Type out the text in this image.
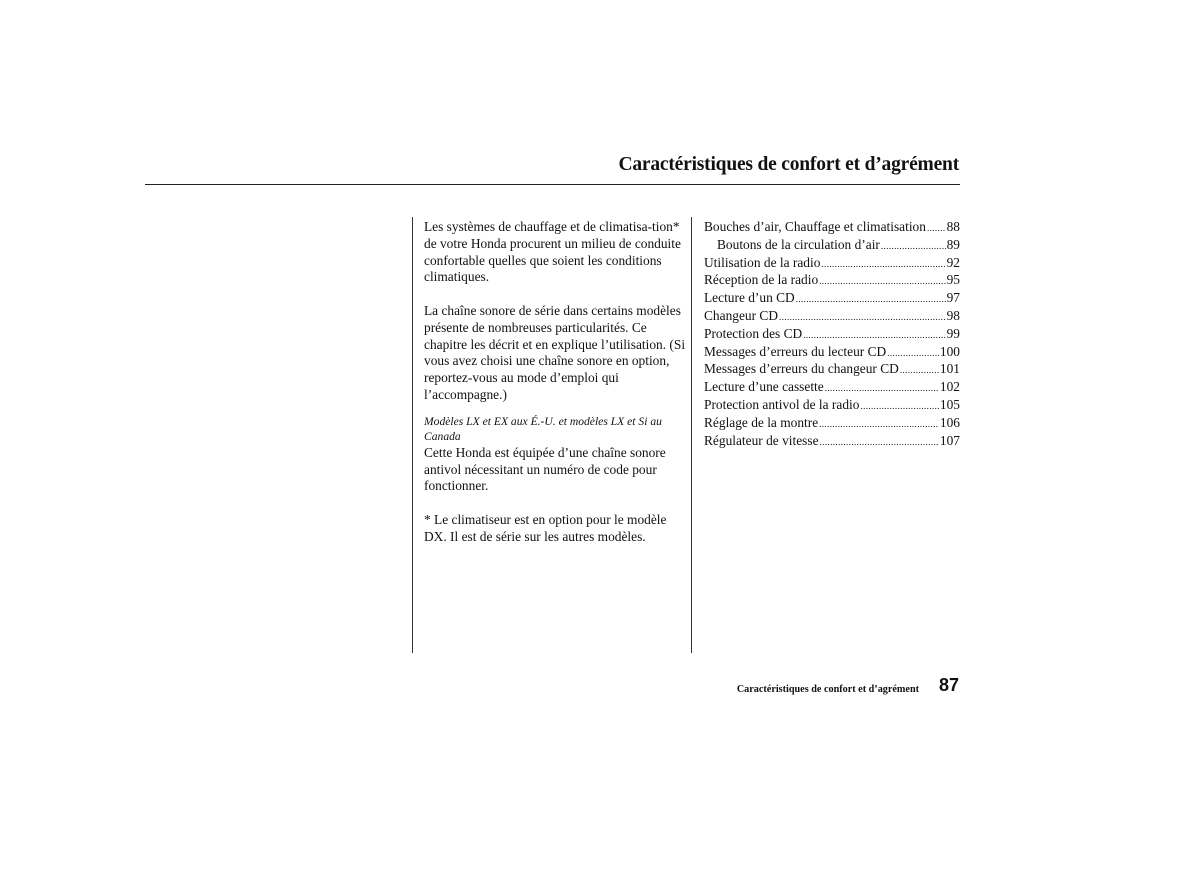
Caractéristiques de confort et d’agrément

Les systèmes de chauffage et de climatisa-tion* de votre Honda procurent un milieu de conduite confortable quelles que soient les conditions climatiques.

La chaîne sonore de série dans certains modèles présente de nombreuses particularités. Ce chapitre les décrit et en explique l’utilisation. (Si vous avez choisi une chaîne sonore en option, reportez-vous au mode d’emploi qui l’accompagne.)

Modèles LX et EX aux É.-U. et modèles LX et Si au Canada

Cette Honda est équipée d’une chaîne sonore antivol nécessitant un numéro de code pour fonctionner.

* Le climatiseur est en option pour le modèle DX. Il est de série sur les autres modèles.

Bouches d’air, Chauffage et climatisation ..... 88
Boutons de la circulation d’air .....	89
Utilisation de la radio .....	92
Réception de la radio .....	95
Lecture d’un CD .....	97
Changeur CD .....	98
Protection des CD .....	99
Messages d’erreurs du lecteur CD .....	100
Messages d’erreurs du changeur CD .....	101
Lecture d’une cassette .....	102
Protection antivol de la radio .....	105
Réglage de la montre .....	106
Régulateur de vitesse .....	107
Caractéristiques de confort et d’agrément 87
